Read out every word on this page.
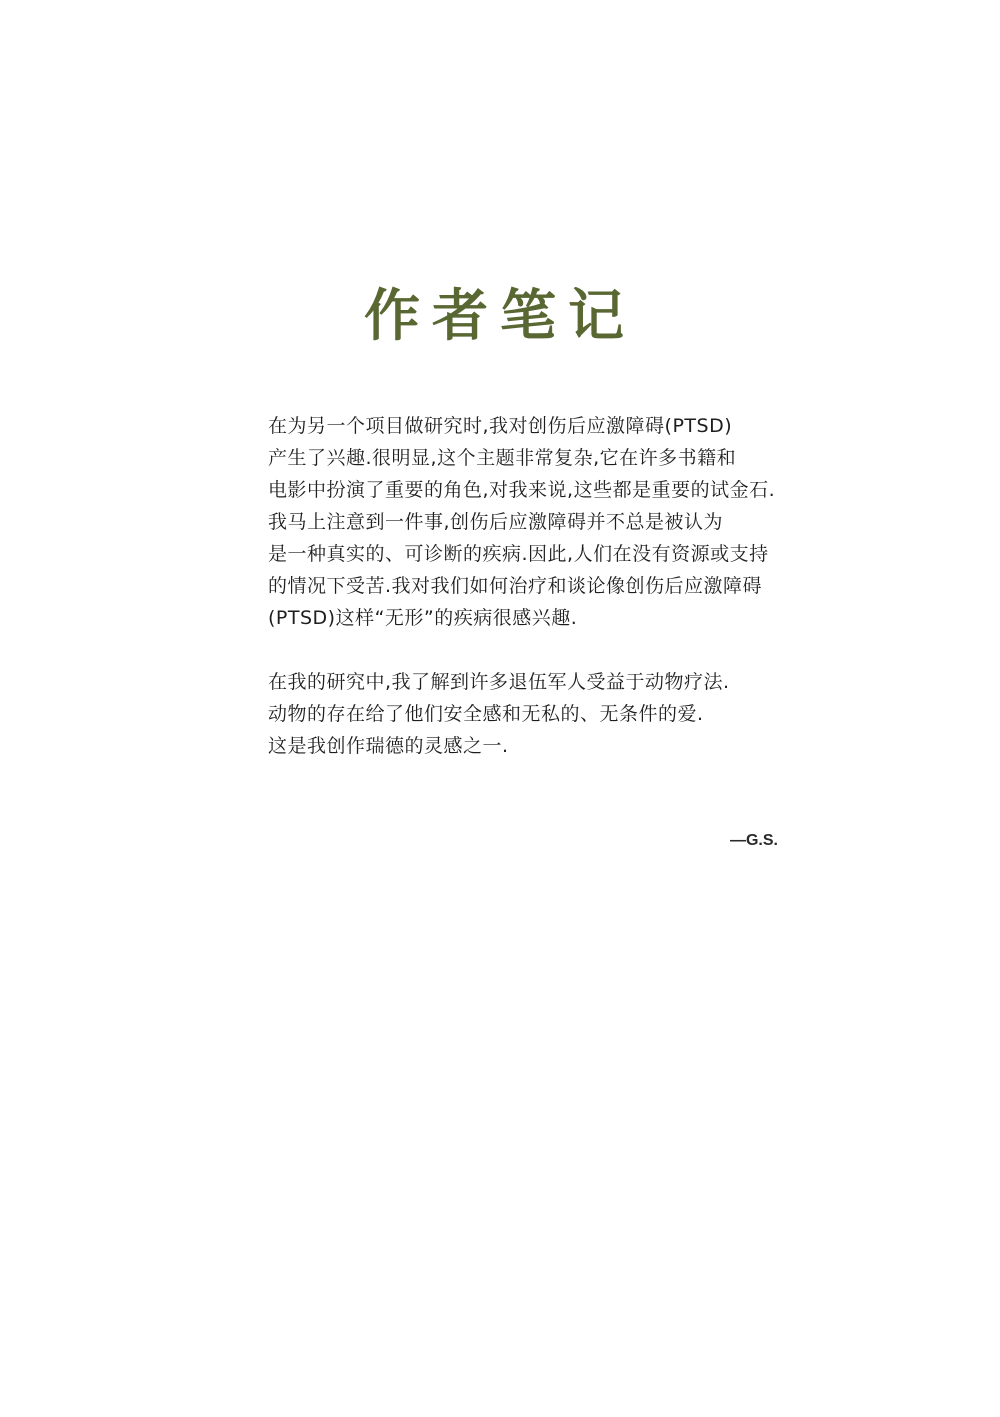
作者笔记

在为另一个项目做研究时,我对创伤后应激障碍(PTSD)
产生了兴趣.很明显,这个主题非常复杂,它在许多书籍和
电影中扮演了重要的角色,对我来说,这些都是重要的试金石.
我马上注意到一件事,创伤后应激障碍并不总是被认为
是一种真实的、可诊断的疾病.因此,人们在没有资源或支持
的情况下受苦.我对我们如何治疗和谈论像创伤后应激障碍
(PTSD)这样“无形”的疾病很感兴趣.

在我的研究中,我了解到许多退伍军人受益于动物疗法.
动物的存在给了他们安全感和无私的、无条件的爱.
这是我创作瑞德的灵感之一.

—G.S.
